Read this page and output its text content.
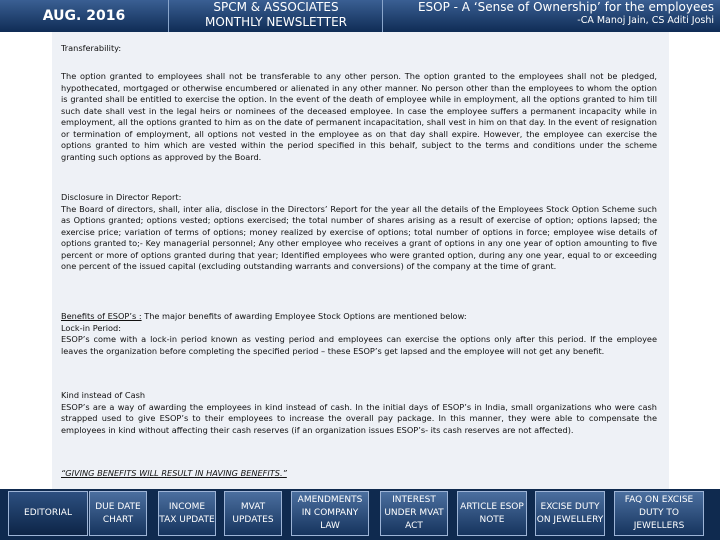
AUG. 2016
SPCM & ASSOCIATES
MONTHLY NEWSLETTER
ESOP - A ‘Sense of Ownership’ for the employees
-CA Manoj Jain, CS Aditi Joshi

Transferability:

The option granted to employees shall not be transferable to any other person. The option granted to the employees shall not be pledged, hypothecated, mortgaged or otherwise encumbered or alienated in any other manner. No person other than the employees to whom the option is granted shall be entitled to exercise the option. In the event of the death of employee while in employment, all the options granted to him till such date shall vest in the legal heirs or nominees of the deceased employee. In case the employee suffers a permanent incapacity while in employment, all the options granted to him as on the date of permanent incapacitation, shall vest in him on that day. In the event of resignation or termination of employment, all options not vested in the employee as on that day shall expire. However, the employee can exercise the options granted to him which are vested within the period specified in this behalf, subject to the terms and conditions under the scheme granting such options as approved by the Board.

Disclosure in Director Report:
The Board of directors, shall, inter alia, disclose in the Directors’ Report for the year all the details of the Employees Stock Option Scheme such as Options granted; options vested; options exercised; the total number of shares arising as a result of exercise of option; options lapsed; the exercise price; variation of terms of options; money realized by exercise of options; total number of options in force; employee wise details of options granted to;- Key managerial personnel; Any other employee who receives a grant of options in any one year of option amounting to five percent or more of options granted during that year; Identified employees who were granted option, during any one year, equal to or exceeding one percent of the issued capital (excluding outstanding warrants and conversions) of the company at the time of grant.
Benefits of ESOP’s : The major benefits of awarding Employee Stock Options are mentioned below:
Lock-in Period:
ESOP’s come with a lock-in period known as vesting period and employees can exercise the options only after this period. If the employee leaves the organization before completing the specified period – these ESOP’s get lapsed and the employee will not get any benefit.
Kind instead of Cash
ESOP’s are a way of awarding the employees in kind instead of cash. In the initial days of ESOP’s in India, small organizations who were cash strapped used to give ESOP’s to their employees to increase the overall pay package. In this manner, they were able to compensate the employees in kind without affecting their cash reserves (if an organization issues ESOP’s- its cash reserves are not affected).

“GIVING BENEFITS WILL RESULT IN HAVING BENEFITS.”

EDITORIAL
DUE DATE CHART
INCOME TAX UPDATE
MVAT UPDATES
AMENDMENTS IN COMPANY LAW
INTEREST UNDER MVAT ACT
ARTICLE ESOP NOTE
EXCISE DUTY ON JEWELLERY
FAQ ON EXCISE DUTY TO JEWELLERS
